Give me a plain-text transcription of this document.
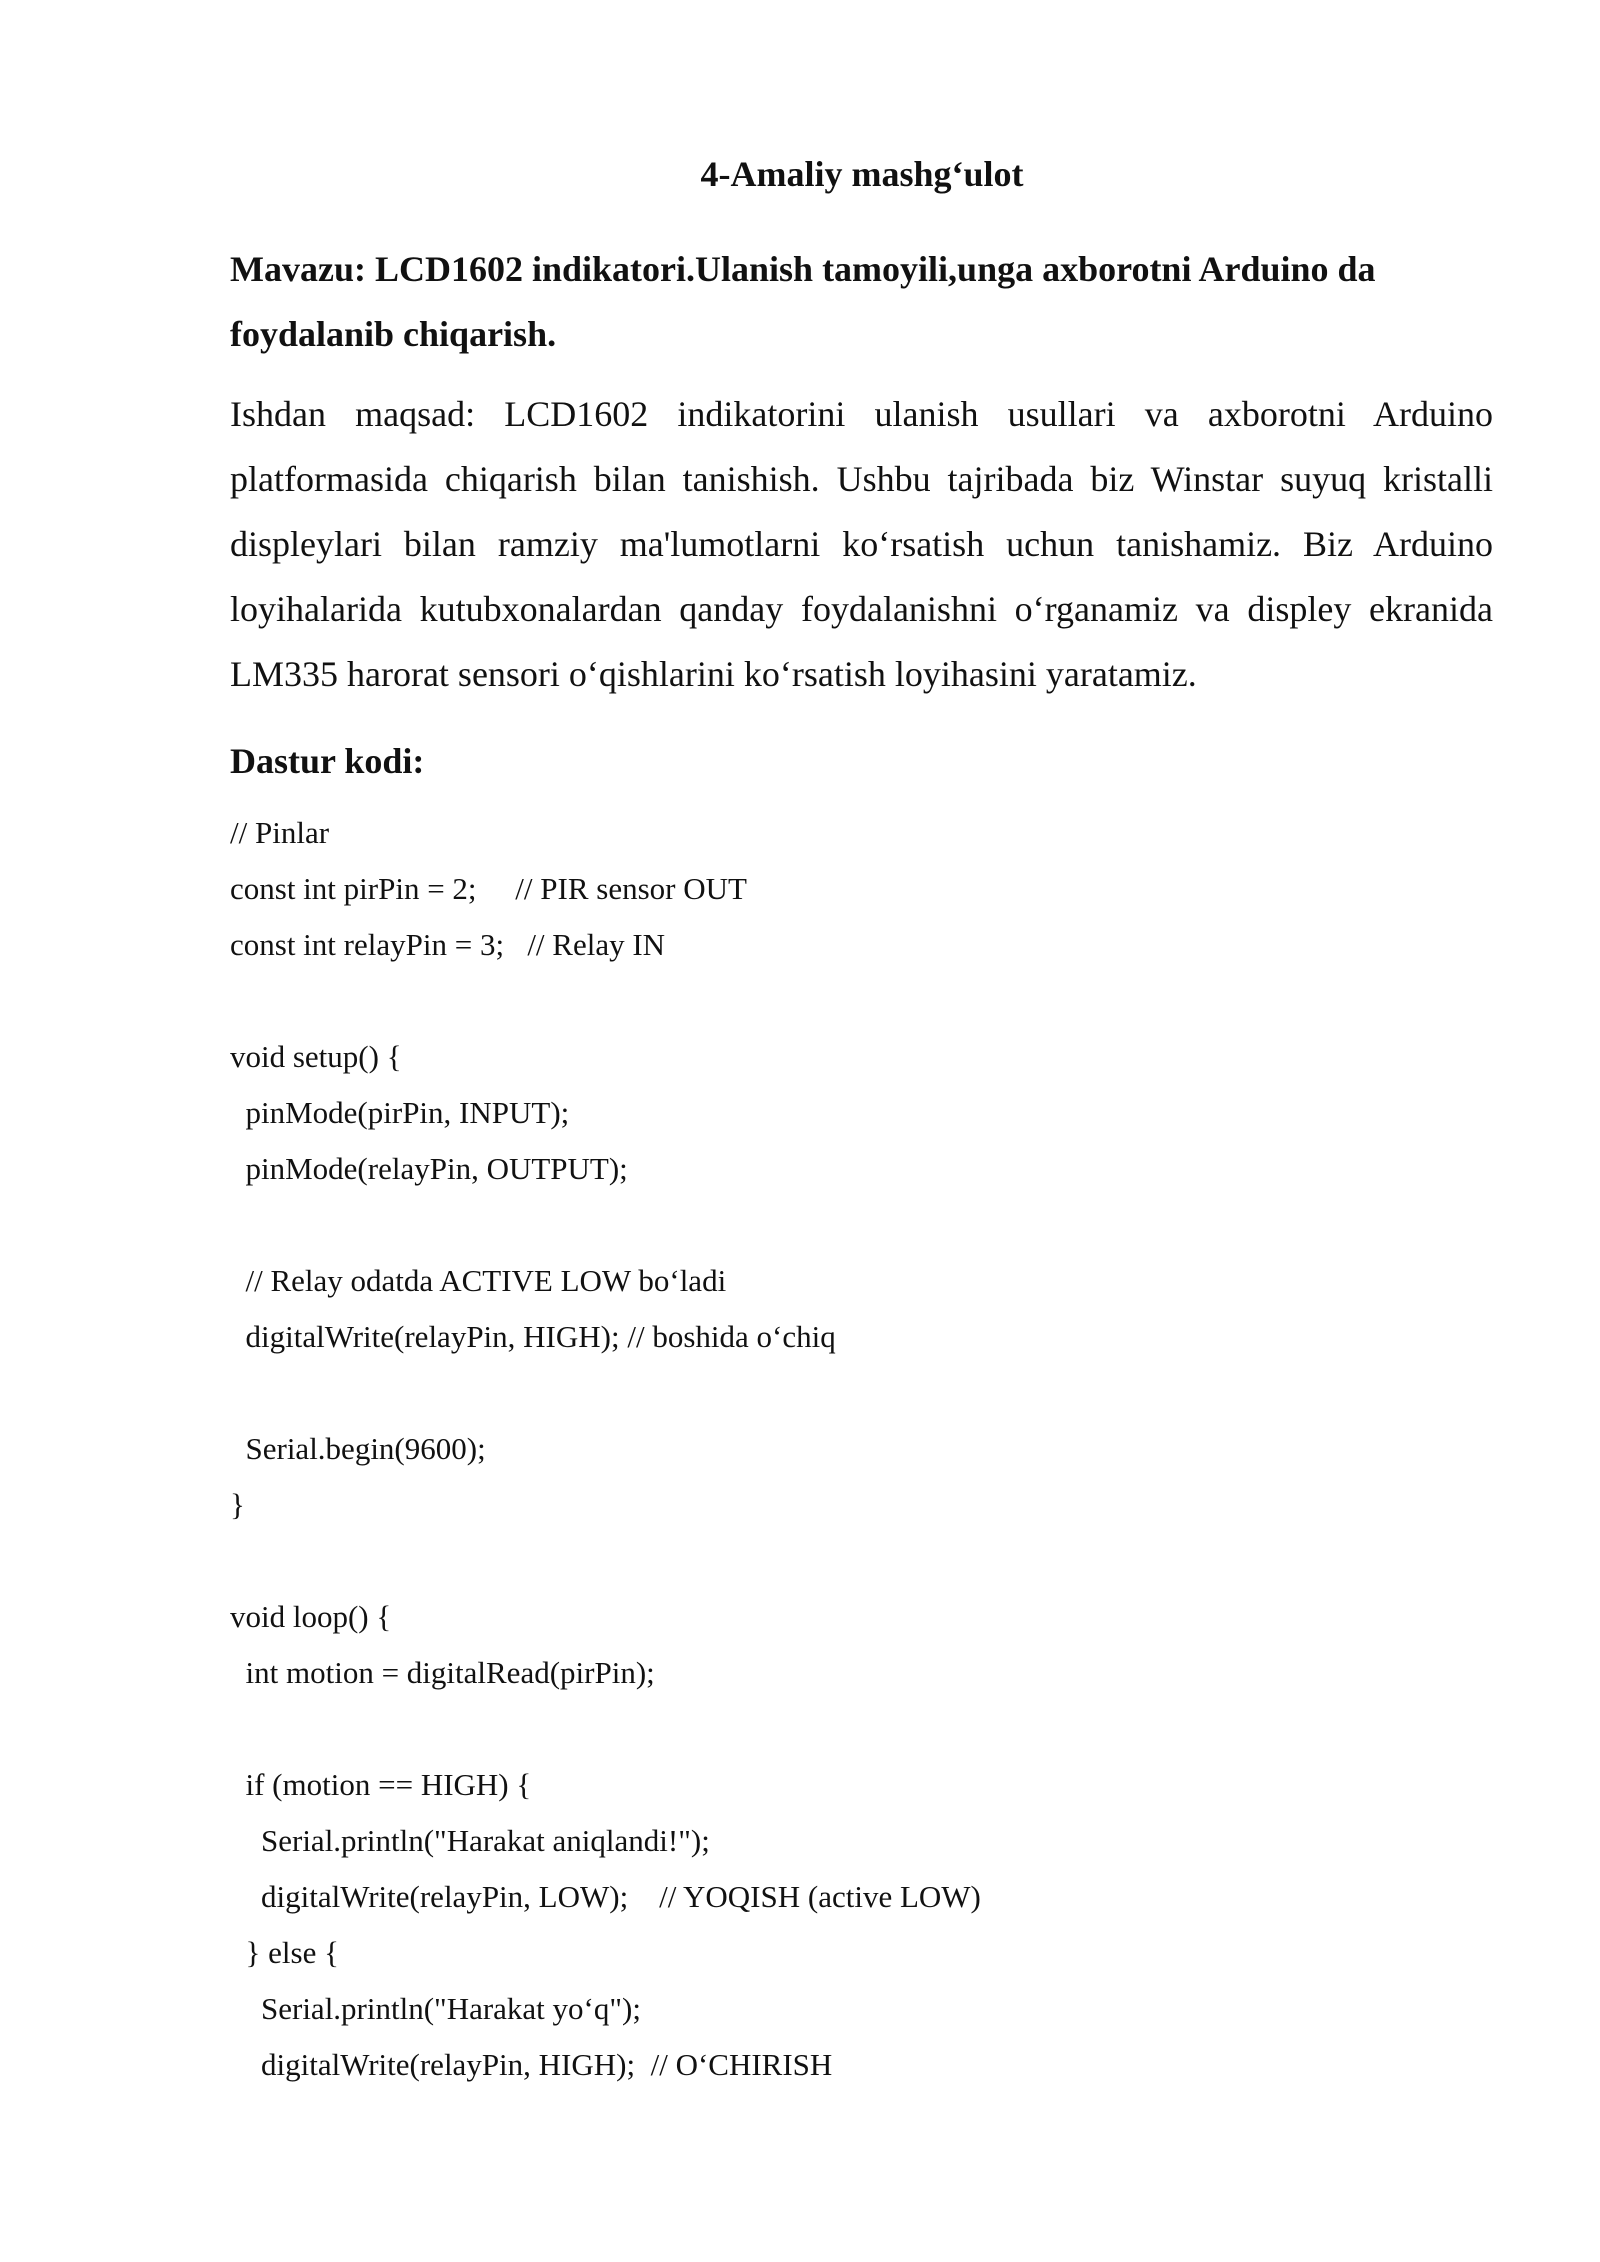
4-Amaliy mashg‘ulot
Mavazu: LCD1602 indikatori.Ulanish tamoyili,unga axborotni Arduino da foydalanib chiqarish.
Ishdan maqsad: LCD1602 indikatorini ulanish usullari va axborotni Arduino platformasida chiqarish bilan tanishish. Ushbu tajribada biz Winstar suyuq kristalli displeylari bilan ramziy ma'lumotlarni ko‘rsatish uchun tanishamiz. Biz Arduino loyihalarida kutubxonalardan qanday foydalanishni o‘rganamiz va displey ekranida LM335 harorat sensori o‘qishlarini ko‘rsatish loyihasini yaratamiz.
Dastur kodi:
// Pinlar
const int pirPin = 2;     // PIR sensor OUT
const int relayPin = 3;   // Relay IN

void setup() {
pinMode(pirPin, INPUT);
pinMode(relayPin, OUTPUT);

// Relay odatda ACTIVE LOW bo‘ladi
digitalWrite(relayPin, HIGH); // boshida o‘chiq

Serial.begin(9600);
}

void loop() {
int motion = digitalRead(pirPin);

if (motion == HIGH) {
Serial.println("Harakat aniqlandi!");
digitalWrite(relayPin, LOW);    // YOQISH (active LOW)
} else {
Serial.println("Harakat yo‘q");
digitalWrite(relayPin, HIGH);  // O‘CHIRISH
